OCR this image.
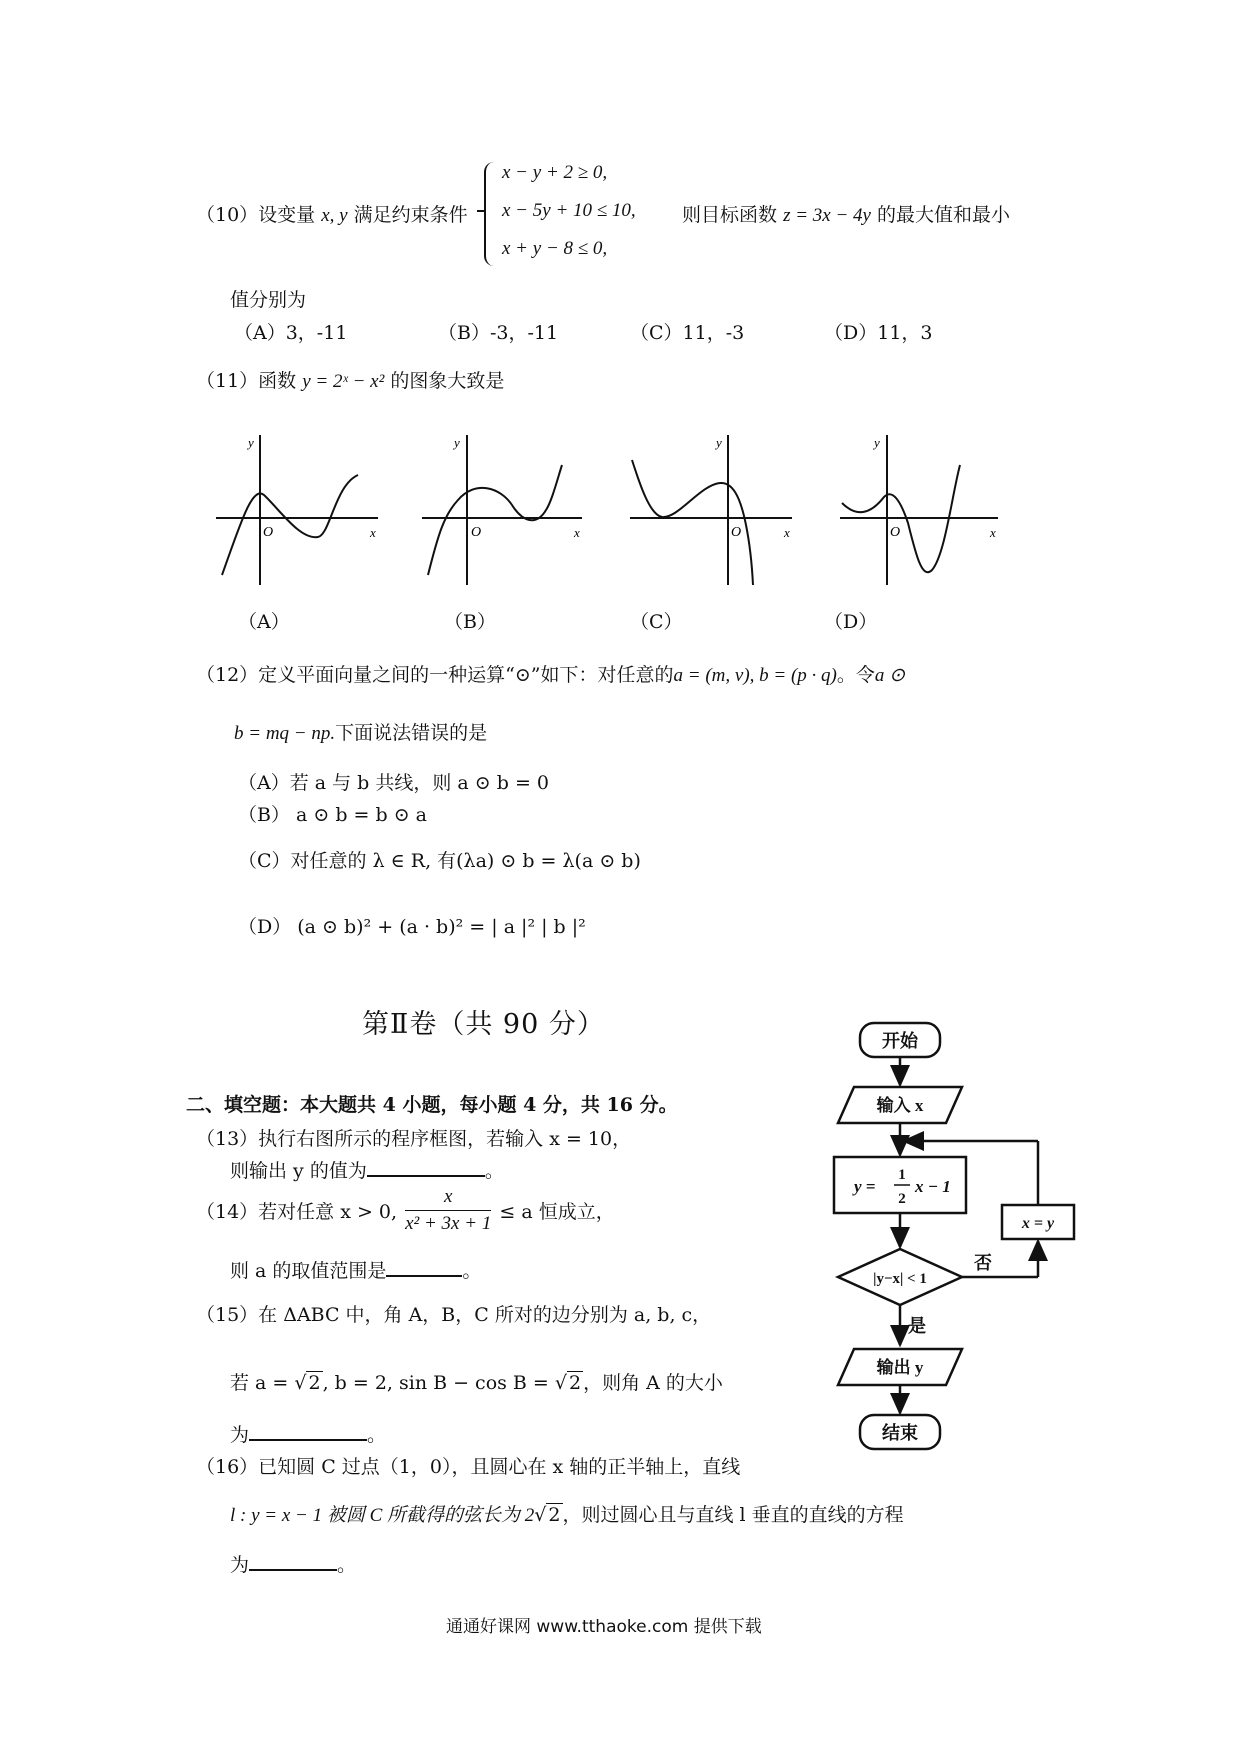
（10）设变量 x, y 满足约束条件
x − y + 2 ≥ 0,
x − 5y + 10 ≤ 10,
x + y − 8 ≤ 0,
则目标函数 z = 3x − 4y 的最大值和最小
值分别为
（A）3，-11	（B）-3，-11	（C）11，-3	（D）11，3
（11）函数 y = 2ˣ − x² 的图象大致是
y
x
O
y
x
O
y
x
O
y
x
O
（A）	（B）	（C）	（D）
（12）定义平面向量之间的一种运算“⊙”如下：对任意的a = (m, v), b = (p · q)。令a ⊙
b = mq − np.下面说法错误的是
（A）若 a 与 b 共线，则 a ⊙ b = 0
（B） a ⊙ b = b ⊙ a
（C）对任意的 λ ∈ R, 有(λa) ⊙ b = λ(a ⊙ b)
（D） (a ⊙ b)² + (a · b)² = | a |² | b |²
第Ⅱ卷（共 90 分）
二、填空题：本大题共 4 小题，每小题 4 分，共 16 分。
（13）执行右图所示的程序框图，若输入 x = 10，
则输出 y 的值为	。
（14）若对任意 x > 0, $\frac{x}{\text{x² + 3x + 1}} \le a$ 恒成立，
则 a 的取值范围是	。
（15）在 ΔABC 中，角 A，B，C 所对的边分别为 a, b, c，
若 a = √ 2 , b = 2, sin B − cos B = √ 2 ，则角 A 的大小
为	。
（16）已知圆 C 过点（1，0），且圆心在 x 轴的正半轴上，直线
l : y = x − 1 被圆 C 所截得的弦长为 2√ 2 ，则过圆心且与直线 l 垂直的直线的方程
为	。
开始
输入 x
y =
1
2
x − 1
|y−x| < 1
否
x = y
是
输出 y
结束
通通好课网 www.tthaoke.com 提供下载
